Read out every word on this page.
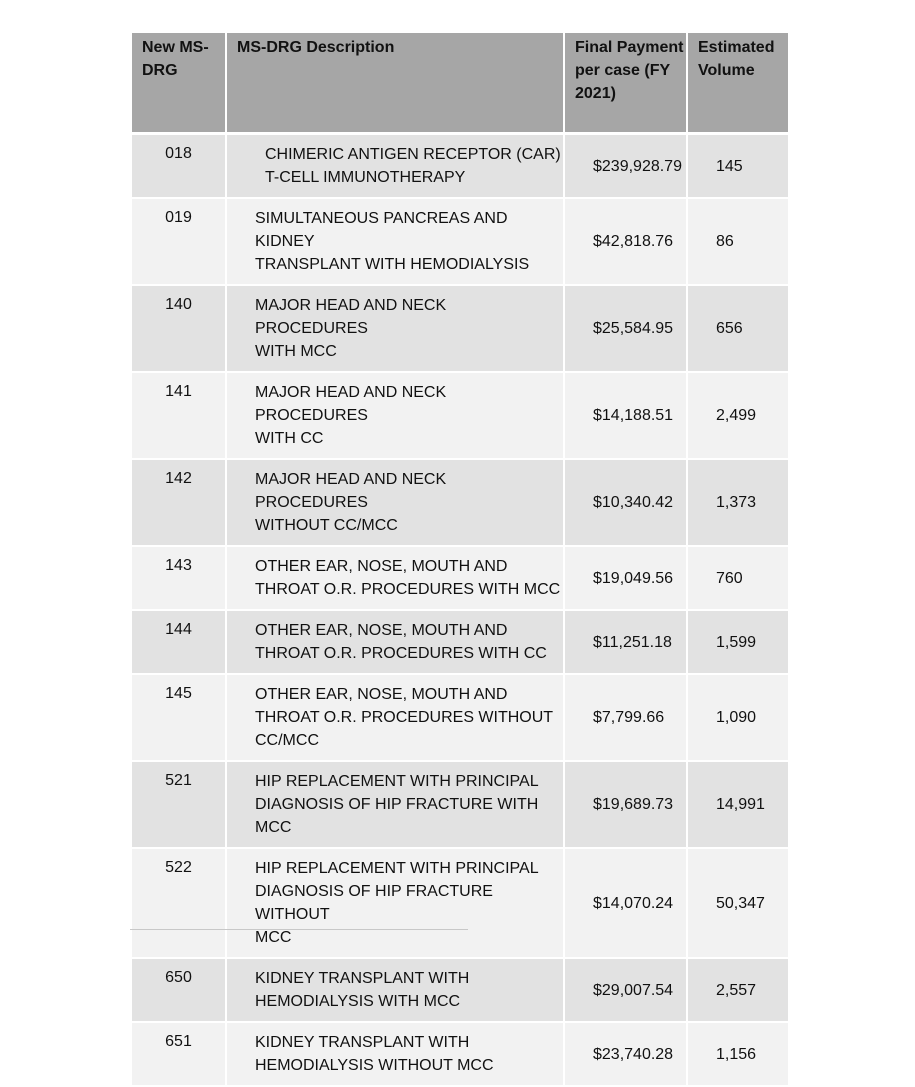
New MS-DRG	MS-DRG Description	Final Payment per case (FY 2021)	Estimated Volume
018	CHIMERIC ANTIGEN RECEPTOR (CAR)
T-CELL IMMUNOTHERAPY	$239,928.79	145
019	SIMULTANEOUS PANCREAS AND KIDNEY
TRANSPLANT WITH HEMODIALYSIS	$42,818.76	86
140	MAJOR HEAD AND NECK PROCEDURES
WITH MCC	$25,584.95	656
141	MAJOR HEAD AND NECK PROCEDURES
WITH CC	$14,188.51	2,499
142	MAJOR HEAD AND NECK PROCEDURES
WITHOUT CC/MCC	$10,340.42	1,373
143	OTHER EAR, NOSE, MOUTH AND
THROAT O.R. PROCEDURES WITH MCC	$19,049.56	760
144	OTHER EAR, NOSE, MOUTH AND
THROAT O.R. PROCEDURES WITH CC	$11,251.18	1,599
145	OTHER EAR, NOSE, MOUTH AND
THROAT O.R. PROCEDURES WITHOUT
CC/MCC	$7,799.66	1,090
521	HIP REPLACEMENT WITH PRINCIPAL
DIAGNOSIS OF HIP FRACTURE WITH
MCC	$19,689.73	14,991
522	HIP REPLACEMENT WITH PRINCIPAL
DIAGNOSIS OF HIP FRACTURE WITHOUT
MCC	$14,070.24	50,347
650	KIDNEY TRANSPLANT WITH
HEMODIALYSIS WITH MCC	$29,007.54	2,557
651	KIDNEY TRANSPLANT WITH
HEMODIALYSIS WITHOUT MCC	$23,740.28	1,156
